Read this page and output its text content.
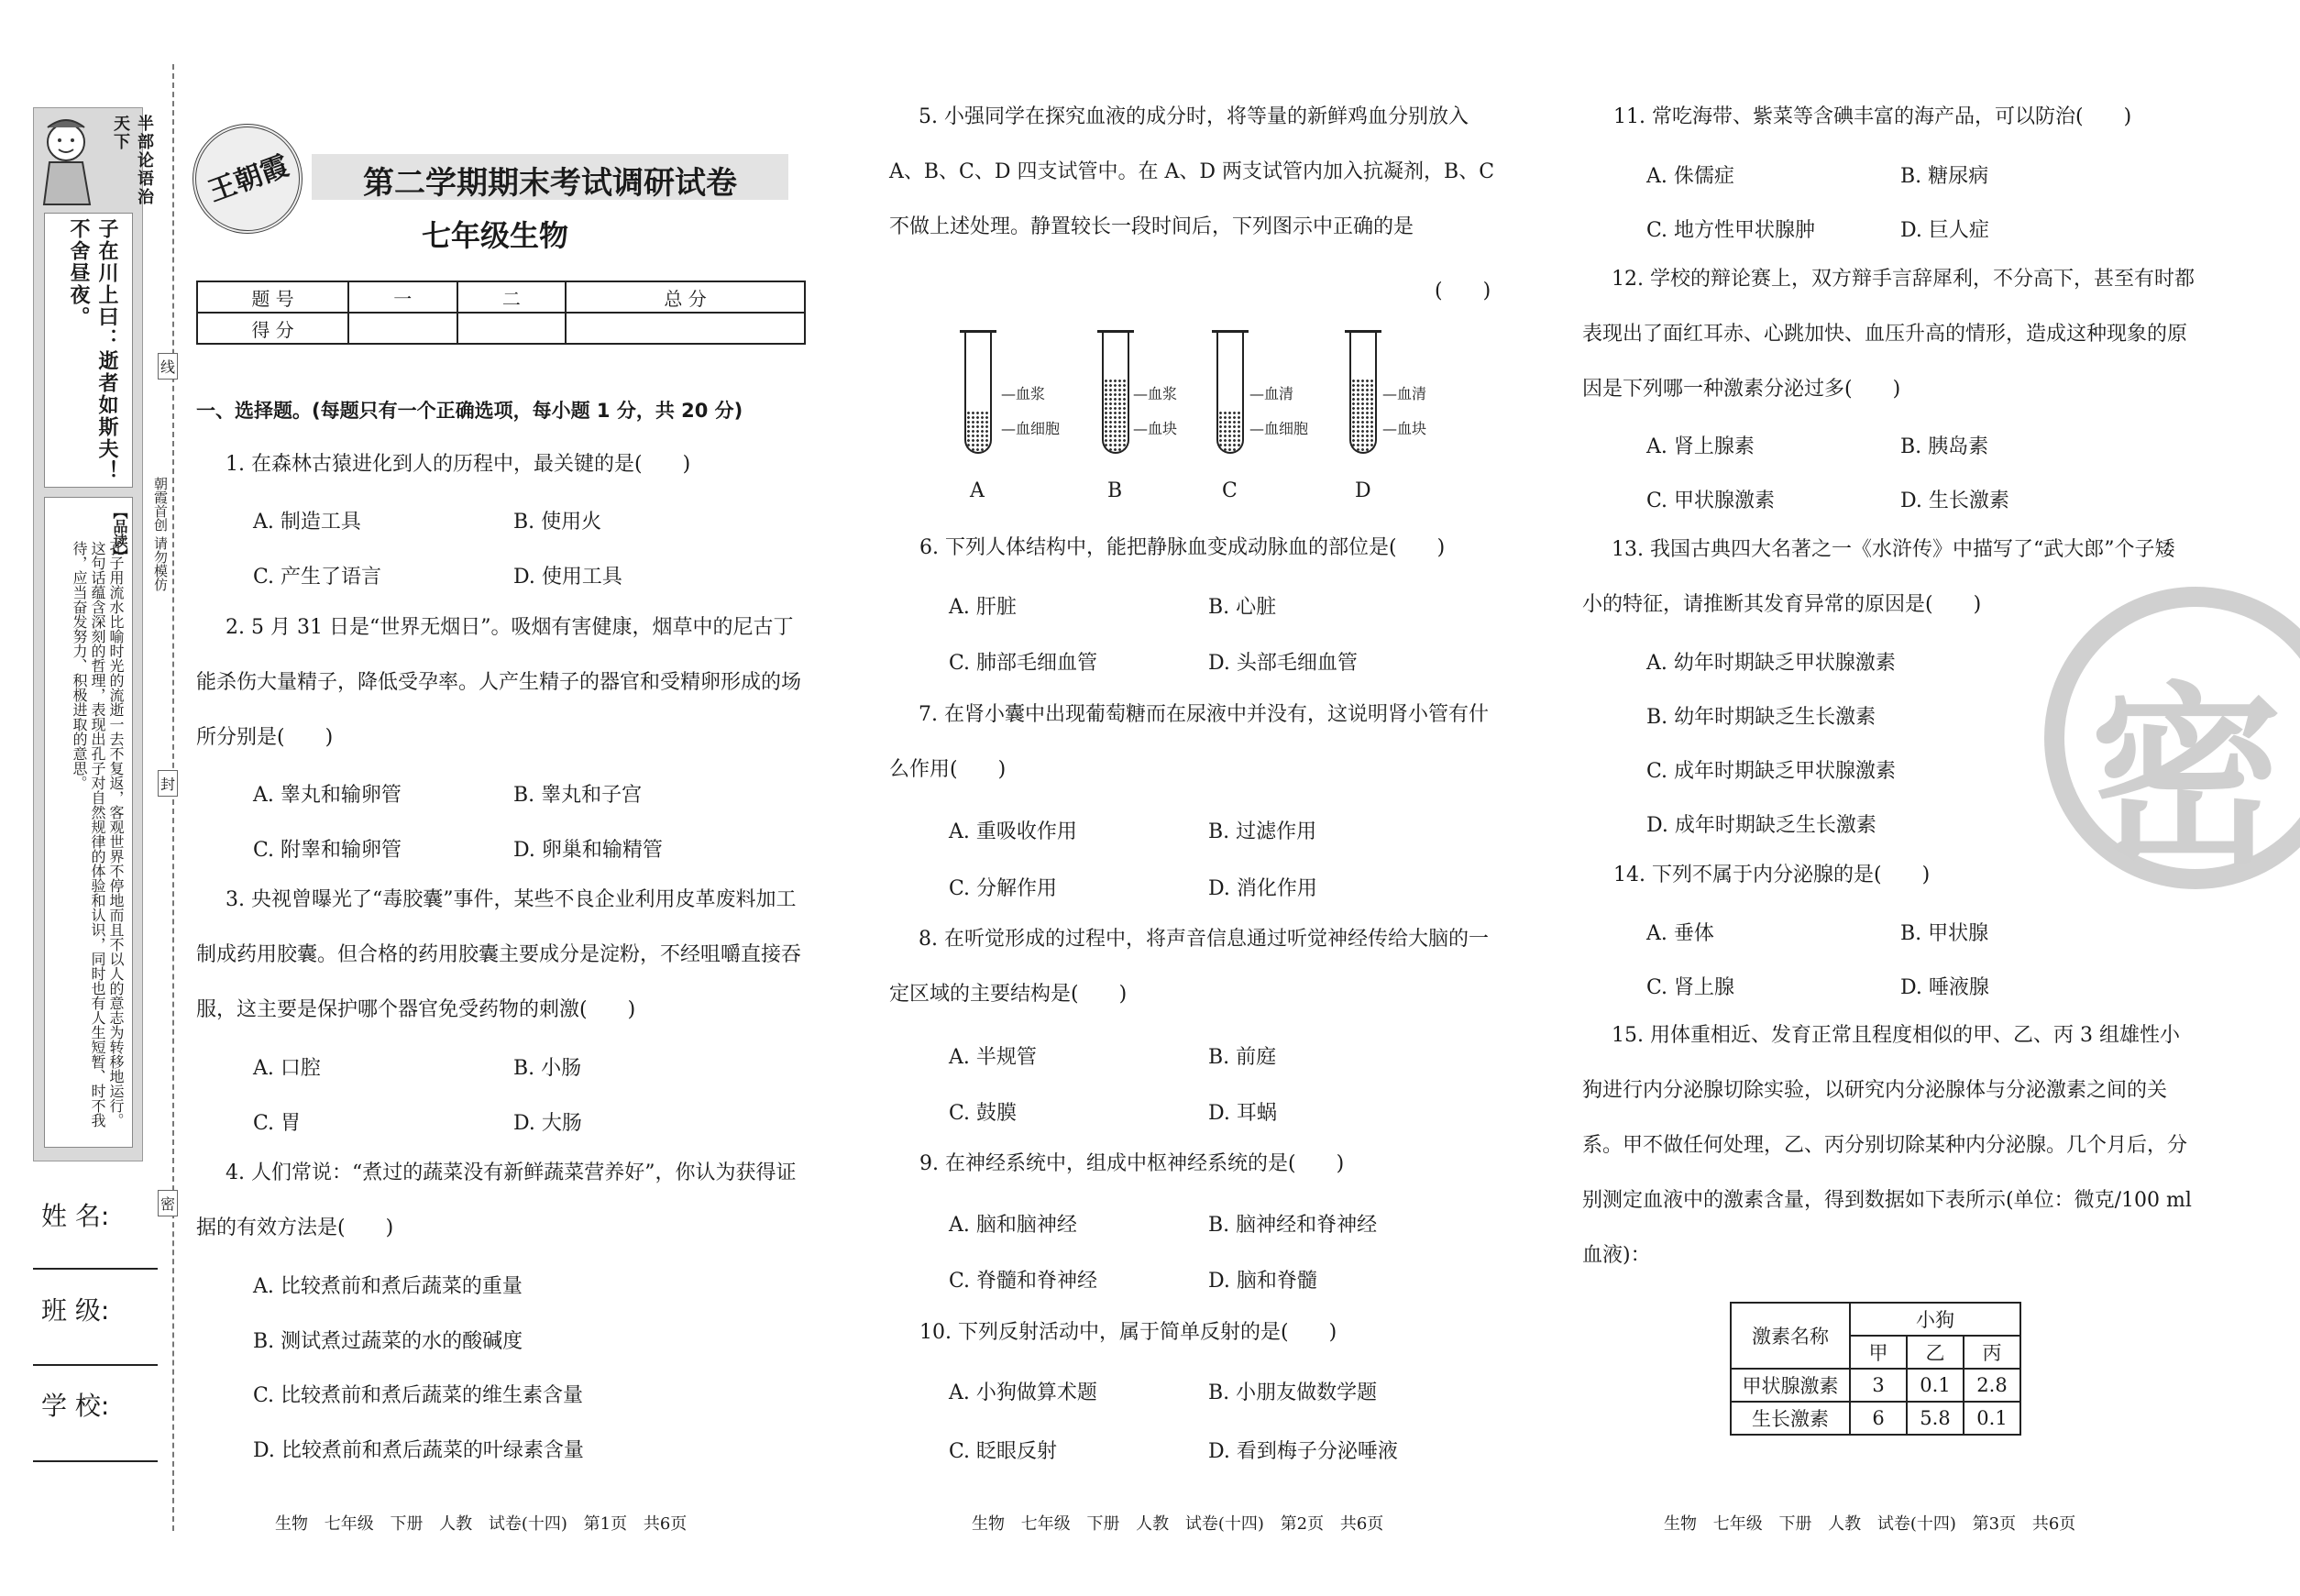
半部论语治天下
子在川上曰：逝者如斯夫！不舍昼夜。
【品读】
孔子用流水比喻时光的流逝一去不复返，客观世界不停地而且不以人的意志为转移地运行。这句话蕴含深刻的哲理，表现出孔子对自然规律的体验和认识，同时也有人生短暂、时不我待，应当奋发努力、积极进取的意思。
线
朝霞首创 请勿模仿
封
密
姓 名:
班 级:
学 校:
王朝霞	第二学期期末考试调研试卷
七年级生物
题 号	一	二	总 分
得 分			
一、选择题。(每题只有一个正确选项，每小题 1 分，共 20 分)
1. 在森林古猿进化到人的历程中，最关键的是(　　)
A. 制造工具	B. 使用火
C. 产生了语言	D. 使用工具
2. 5 月 31 日是“世界无烟日”。吸烟有害健康，烟草中的尼古丁能杀伤大量精子，降低受孕率。人产生精子的器官和受精卵形成的场所分别是(　　)
A. 睾丸和输卵管	B. 睾丸和子宫
C. 附睾和输卵管	D. 卵巢和输精管
3. 央视曾曝光了“毒胶囊”事件，某些不良企业利用皮革废料加工制成药用胶囊。但合格的药用胶囊主要成分是淀粉，不经咀嚼直接吞服，这主要是保护哪个器官免受药物的刺激(　　)
A. 口腔	B. 小肠
C. 胃	D. 大肠
4. 人们常说：“煮过的蔬菜没有新鲜蔬菜营养好”，你认为获得证据的有效方法是(　　)
A. 比较煮前和煮后蔬菜的重量
B. 测试煮过蔬菜的水的酸碱度
C. 比较煮前和煮后蔬菜的维生素含量
D. 比较煮前和煮后蔬菜的叶绿素含量
生物 七年级 下册 人教 试卷(十四) 第1页 共6页
5. 小强同学在探究血液的成分时，将等量的新鲜鸡血分别放入 A、B、C、D 四支试管中。在 A、D 两支试管内加入抗凝剂，B、C 不做上述处理。静置较长一段时间后，下列图示中正确的是
(　　)
—血浆
—血细胞
A
—血浆
—血块
B
—血清
—血细胞
C
—血清
—血块
D
6. 下列人体结构中，能把静脉血变成动脉血的部位是(　　)
A. 肝脏	B. 心脏
C. 肺部毛细血管	D. 头部毛细血管
7. 在肾小囊中出现葡萄糖而在尿液中并没有，这说明肾小管有什么作用(　　)
A. 重吸收作用	B. 过滤作用
C. 分解作用	D. 消化作用
8. 在听觉形成的过程中，将声音信息通过听觉神经传给大脑的一定区域的主要结构是(　　)
A. 半规管	B. 前庭
C. 鼓膜	D. 耳蜗
9. 在神经系统中，组成中枢神经系统的是(　　)
A. 脑和脑神经	B. 脑神经和脊神经
C. 脊髓和脊神经	D. 脑和脊髓
10. 下列反射活动中，属于简单反射的是(　　)
A. 小狗做算术题	B. 小朋友做数学题
C. 眨眼反射	D. 看到梅子分泌唾液
生物 七年级 下册 人教 试卷(十四) 第2页 共6页
密
11. 常吃海带、紫菜等含碘丰富的海产品，可以防治(　　)
A. 侏儒症	B. 糖尿病
C. 地方性甲状腺肿	D. 巨人症
12. 学校的辩论赛上，双方辩手言辞犀利，不分高下，甚至有时都表现出了面红耳赤、心跳加快、血压升高的情形，造成这种现象的原因是下列哪一种激素分泌过多(　　)
A. 肾上腺素	B. 胰岛素
C. 甲状腺激素	D. 生长激素
13. 我国古典四大名著之一《水浒传》中描写了“武大郎”个子矮小的特征，请推断其发育异常的原因是(　　)
A. 幼年时期缺乏甲状腺激素
B. 幼年时期缺乏生长激素
C. 成年时期缺乏甲状腺激素
D. 成年时期缺乏生长激素
14. 下列不属于内分泌腺的是(　　)
A. 垂体	B. 甲状腺
C. 肾上腺	D. 唾液腺
15. 用体重相近、发育正常且程度相似的甲、乙、丙 3 组雄性小狗进行内分泌腺切除实验，以研究内分泌腺体与分泌激素之间的关系。甲不做任何处理，乙、丙分别切除某种内分泌腺。几个月后，分别测定血液中的激素含量，得到数据如下表所示(单位：微克/100 ml 血液)：
激素名称	小狗		
	甲	乙	丙
甲状腺激素	3	0.1	2.8
生长激素	6	5.8	0.1
生物 七年级 下册 人教 试卷(十四) 第3页 共6页
